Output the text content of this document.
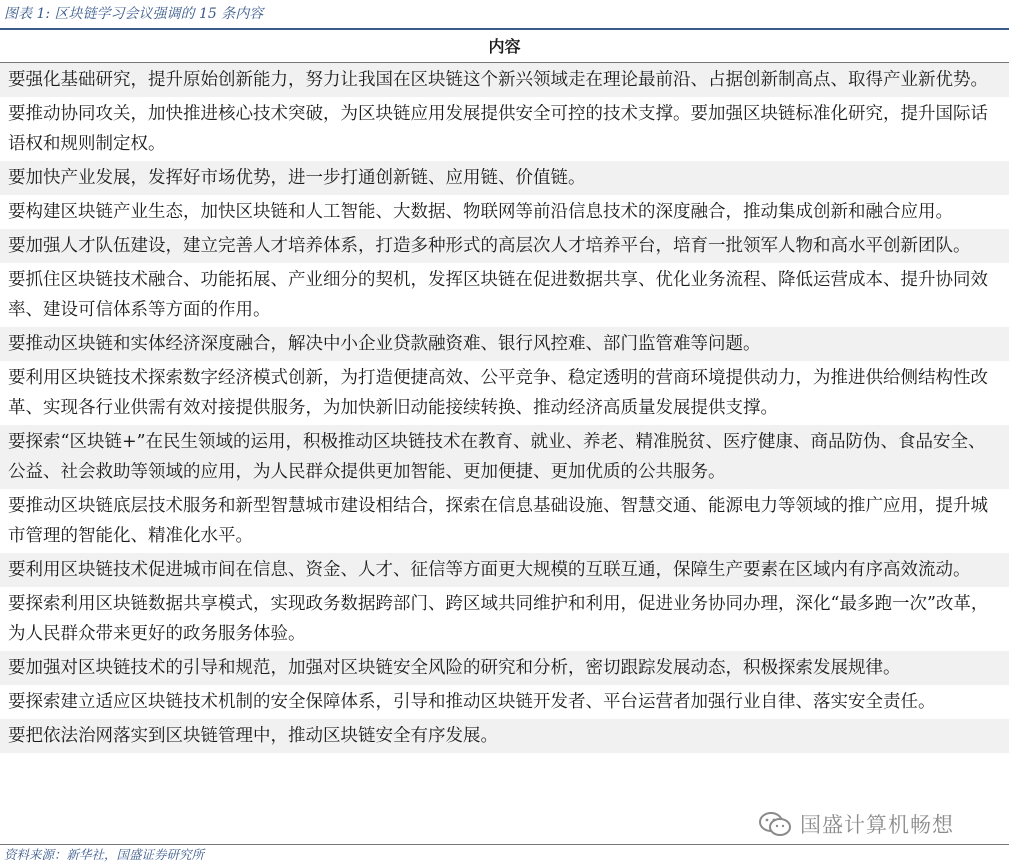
图表 1: 区块链学习会议强调的 15 条内容
内容
要强化基础研究，提升原始创新能力，努力让我国在区块链这个新兴领域走在理论最前沿、占据创新制高点、取得产业新优势。
要推动协同攻关，加快推进核心技术突破，为区块链应用发展提供安全可控的技术支撑。要加强区块链标准化研究，提升国际话语权和规则制定权。
要加快产业发展，发挥好市场优势，进一步打通创新链、应用链、价值链。
要构建区块链产业生态，加快区块链和人工智能、大数据、物联网等前沿信息技术的深度融合，推动集成创新和融合应用。
要加强人才队伍建设，建立完善人才培养体系，打造多种形式的高层次人才培养平台，培育一批领军人物和高水平创新团队。
要抓住区块链技术融合、功能拓展、产业细分的契机，发挥区块链在促进数据共享、优化业务流程、降低运营成本、提升协同效率、建设可信体系等方面的作用。
要推动区块链和实体经济深度融合，解决中小企业贷款融资难、银行风控难、部门监管难等问题。
要利用区块链技术探索数字经济模式创新，为打造便捷高效、公平竞争、稳定透明的营商环境提供动力，为推进供给侧结构性改革、实现各行业供需有效对接提供服务，为加快新旧动能接续转换、推动经济高质量发展提供支撑。
要探索“区块链+”在民生领域的运用，积极推动区块链技术在教育、就业、养老、精准脱贫、医疗健康、商品防伪、食品安全、公益、社会救助等领域的应用，为人民群众提供更加智能、更加便捷、更加优质的公共服务。
要推动区块链底层技术服务和新型智慧城市建设相结合，探索在信息基础设施、智慧交通、能源电力等领域的推广应用，提升城市管理的智能化、精准化水平。
要利用区块链技术促进城市间在信息、资金、人才、征信等方面更大规模的互联互通，保障生产要素在区域内有序高效流动。
要探索利用区块链数据共享模式，实现政务数据跨部门、跨区域共同维护和利用，促进业务协同办理，深化“最多跑一次”改革，为人民群众带来更好的政务服务体验。
要加强对区块链技术的引导和规范，加强对区块链安全风险的研究和分析，密切跟踪发展动态，积极探索发展规律。
要探索建立适应区块链技术机制的安全保障体系，引导和推动区块链开发者、平台运营者加强行业自律、落实安全责任。
要把依法治网落实到区块链管理中，推动区块链安全有序发展。
国盛计算机畅想
资料来源：新华社，国盛证券研究所
